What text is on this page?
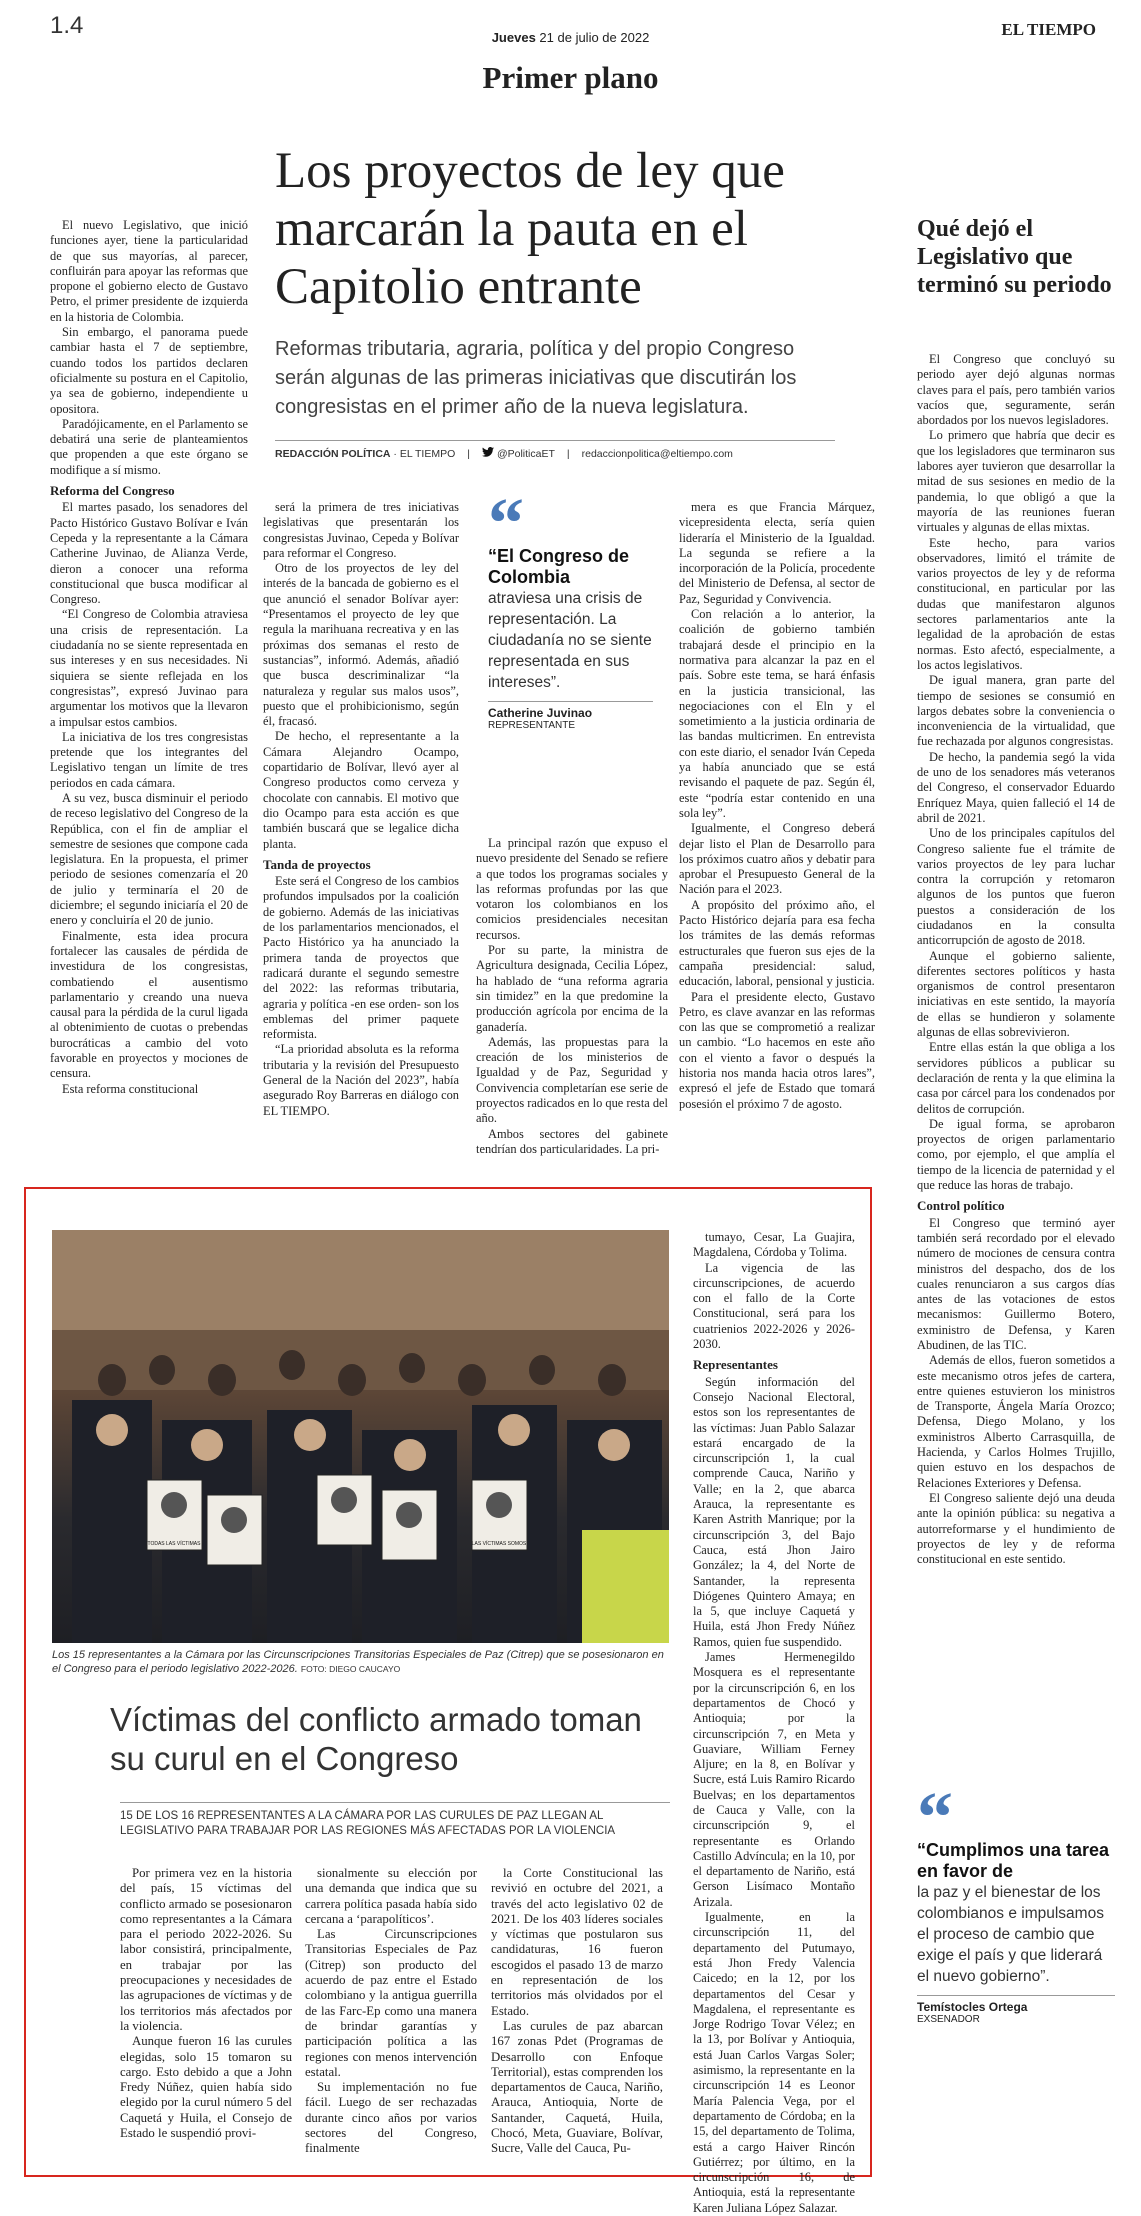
1.4	Jueves 21 de julio de 2022	EL TIEMPO
Primer plano
Los proyectos de ley que marcarán la pauta en el Capitolio entrante
Reformas tributaria, agraria, política y del propio Congreso serán algunas de las primeras iniciativas que discutirán los congresistas en el primer año de la nueva legislatura.
REDACCIÓN POLÍTICA · EL TIEMPO |	@PoliticaET | redaccionpolitica@eltiempo.com

El nuevo Legislativo, que inició funciones ayer, tiene la particularidad de que sus mayorías, al parecer, confluirán para apoyar las reformas que propone el gobierno electo de Gustavo Petro, el primer presidente de izquierda en la historia de Colombia.

Sin embargo, el panorama puede cambiar hasta el 7 de septiembre, cuando todos los partidos declaren oficialmente su postura en el Capitolio, ya sea de gobierno, independiente u opositora.

Paradójicamente, en el Parlamento se debatirá una serie de planteamientos que propenden a que este órgano se modifique a sí mismo.

Reforma del Congreso

El martes pasado, los senadores del Pacto Histórico Gustavo Bolívar e Iván Cepeda y la representante a la Cámara Catherine Juvinao, de Alianza Verde, dieron a conocer una reforma constitucional que busca modificar al Congreso.

“El Congreso de Colombia atraviesa una crisis de representación. La ciudadanía no se siente representada en sus intereses y en sus necesidades. Ni siquiera se siente reflejada en los congresistas”, expresó Juvinao para argumentar los motivos que la llevaron a impulsar estos cambios.

La iniciativa de los tres congresistas pretende que los integrantes del Legislativo tengan un límite de tres periodos en cada cámara.

A su vez, busca disminuir el periodo de receso legislativo del Congreso de la República, con el fin de ampliar el semestre de sesiones que compone cada legislatura. En la propuesta, el primer periodo de sesiones comenzaría el 20 de julio y terminaría el 20 de diciembre; el segundo iniciaría el 20 de enero y concluiría el 20 de junio.

Finalmente, esta idea procura fortalecer las causales de pérdida de investidura de los congresistas, combatiendo el ausentismo parlamentario y creando una nueva causal para la pérdida de la curul ligada al obtenimiento de cuotas o prebendas burocráticas a cambio del voto favorable en proyectos y mociones de censura.

Esta reforma constitucional

será la primera de tres iniciativas legislativas que presentarán los congresistas Juvinao, Cepeda y Bolívar para reformar el Congreso.

Otro de los proyectos de ley del interés de la bancada de gobierno es el que anunció el senador Bolívar ayer: “Presentamos el proyecto de ley que regula la marihuana recreativa y en las próximas dos semanas el resto de sustancias”, informó. Además, añadió que busca descriminalizar “la naturaleza y regular sus malos usos”, puesto que el prohibicionismo, según él, fracasó.

De hecho, el representante a la Cámara Alejandro Ocampo, copartidario de Bolívar, llevó ayer al Congreso productos como cerveza y chocolate con cannabis. El motivo que dio Ocampo para esta acción es que también buscará que se legalice dicha planta.

Tanda de proyectos

Este será el Congreso de los cambios profundos impulsados por la coalición de gobierno. Además de las iniciativas de los parlamentarios mencionados, el Pacto Histórico ya ha anunciado la primera tanda de proyectos que radicará durante el segundo semestre del 2022: las reformas tributaria, agraria y política -en ese orden- son los emblemas del primer paquete reformista.

“La prioridad absoluta es la reforma tributaria y la revisión del Presupuesto General de la Nación del 2023”, había asegurado Roy Barreras en diálogo con EL TIEMPO.

“
“El Congreso de Colombia
atraviesa una crisis de representación. La ciudadanía no se siente representada en sus intereses”.
Catherine Juvinao
REPRESENTANTE

La principal razón que expuso el nuevo presidente del Senado se refiere a que todos los programas sociales y las reformas profundas por las que votaron los colombianos en los comicios presidenciales necesitan recursos.

Por su parte, la ministra de Agricultura designada, Cecilia López, ha hablado de “una reforma agraria sin timidez” en la que predomine la producción agrícola por encima de la ganadería.

Además, las propuestas para la creación de los ministerios de Igualdad y de Paz, Seguridad y Convivencia completarían ese serie de proyectos radicados en lo que resta del año.

Ambos sectores del gabinete tendrían dos particularidades. La pri-

mera es que Francia Márquez, vicepresidenta electa, sería quien lideraría el Ministerio de la Igualdad. La segunda se refiere a la incorporación de la Policía, procedente del Ministerio de Defensa, al sector de Paz, Seguridad y Convivencia.

Con relación a lo anterior, la coalición de gobierno también trabajará desde el principio en la normativa para alcanzar la paz en el país. Sobre este tema, se hará énfasis en la justicia transicional, las negociaciones con el Eln y el sometimiento a la justicia ordinaria de las bandas multicrimen. En entrevista con este diario, el senador Iván Cepeda ya había anunciado que se está revisando el paquete de paz. Según él, este “podría estar contenido en una sola ley”.

Igualmente, el Congreso deberá dejar listo el Plan de Desarrollo para los próximos cuatro años y debatir para aprobar el Presupuesto General de la Nación para el 2023.

A propósito del próximo año, el Pacto Histórico dejaría para esa fecha los trámites de las demás reformas estructurales que fueron sus ejes de la campaña presidencial: salud, educación, laboral, pensional y justicia.

Para el presidente electo, Gustavo Petro, es clave avanzar en las reformas con las que se comprometió a realizar un cambio. “Lo hacemos en este año con el viento a favor o después la historia nos manda hacia otros lares”, expresó el jefe de Estado que tomará posesión el próximo 7 de agosto.

Qué dejó el Legislativo que terminó su periodo

El Congreso que concluyó su periodo ayer dejó algunas normas claves para el país, pero también varios vacíos que, seguramente, serán abordados por los nuevos legisladores.

Lo primero que habría que decir es que los legisladores que terminaron sus labores ayer tuvieron que desarrollar la mitad de sus sesiones en medio de la pandemia, lo que obligó a que la mayoría de las reuniones fueran virtuales y algunas de ellas mixtas.

Este hecho, para varios observadores, limitó el trámite de varios proyectos de ley y de reforma constitucional, en particular por las dudas que manifestaron algunos sectores parlamentarios ante la legalidad de la aprobación de estas normas. Esto afectó, especialmente, a los actos legislativos.

De igual manera, gran parte del tiempo de sesiones se consumió en largos debates sobre la conveniencia o inconveniencia de la virtualidad, que fue rechazada por algunos congresistas.

De hecho, la pandemia segó la vida de uno de los senadores más veteranos del Congreso, el conservador Eduardo Enríquez Maya, quien falleció el 14 de abril de 2021.

Uno de los principales capítulos del Congreso saliente fue el trámite de varios proyectos de ley para luchar contra la corrupción y retomaron algunos de los puntos que fueron puestos a consideración de los ciudadanos en la consulta anticorrupción de agosto de 2018.

Aunque el gobierno saliente, diferentes sectores políticos y hasta organismos de control presentaron iniciativas en este sentido, la mayoría de ellas se hundieron y solamente algunas de ellas sobrevivieron.

Entre ellas están la que obliga a los servidores públicos a publicar su declaración de renta y la que elimina la casa por cárcel para los condenados por delitos de corrupción.

De igual forma, se aprobaron proyectos de origen parlamentario como, por ejemplo, el que amplía el tiempo de la licencia de paternidad y el que reduce las horas de trabajo.

Control político

El Congreso que terminó ayer también será recordado por el elevado número de mociones de censura contra ministros del despacho, dos de los cuales renunciaron a sus cargos días antes de las votaciones de estos mecanismos: Guillermo Botero, exministro de Defensa, y Karen Abudinen, de las TIC.

Además de ellos, fueron sometidos a este mecanismo otros jefes de cartera, entre quienes estuvieron los ministros de Transporte, Ángela María Orozco; Defensa, Diego Molano, y los exministros Alberto Carrasquilla, de Hacienda, y Carlos Holmes Trujillo, quien estuvo en los despachos de Relaciones Exteriores y Defensa.

El Congreso saliente dejó una deuda ante la opinión pública: su negativa a autorreformarse y el hundimiento de proyectos de ley y de reforma constitucional en este sentido.

“
“Cumplimos una tarea en favor de
la paz y el bienestar de los colombianos e impulsamos el proceso de cambio que exige el país y que liderará el nuevo gobierno”.
Temístocles Ortega
EXSENADOR
TODAS LAS VÍCTIMAS	LAS VÍCTIMAS SOMOS
Los 15 representantes a la Cámara por las Circunscripciones Transitorias Especiales de Paz (Citrep) que se posesionaron en el Congreso para el periodo legislativo 2022-2026. FOTO: DIEGO CAUCAYO
Víctimas del conflicto armado toman su curul en el Congreso
15 DE LOS 16 REPRESENTANTES A LA CÁMARA POR LAS CURULES DE PAZ LLEGAN AL LEGISLATIVO PARA TRABAJAR POR LAS REGIONES MÁS AFECTADAS POR LA VIOLENCIA

Por primera vez en la historia del país, 15 víctimas del conflicto armado se posesionaron como representantes a la Cámara para el periodo 2022-2026. Su labor consistirá, principalmente, en trabajar por las preocupaciones y necesidades de las agrupaciones de víctimas y de los territorios más afectados por la violencia.

Aunque fueron 16 las curules elegidas, solo 15 tomaron su cargo. Esto debido a que a John Fredy Núñez, quien había sido elegido por la curul número 5 del Caquetá y Huila, el Consejo de Estado le suspendió provi-

sionalmente su elección por una demanda que indica que su carrera política pasada había sido cercana a ‘parapolíticos’.

Las Circunscripciones Transitorias Especiales de Paz (Citrep) son producto del acuerdo de paz entre el Estado colombiano y la antigua guerrilla de las Farc-Ep como una manera de brindar garantías y participación política a las regiones con menos intervención estatal.

Su implementación no fue fácil. Luego de ser rechazadas durante cinco años por varios sectores del Congreso, finalmente

la Corte Constitucional las revivió en octubre del 2021, a través del acto legislativo 02 de 2021. De los 403 líderes sociales y víctimas que postularon sus candidaturas, 16 fueron escogidos el pasado 13 de marzo en representación de los territorios más olvidados por el Estado.

Las curules de paz abarcan 167 zonas Pdet (Programas de Desarrollo con Enfoque Territorial), estas comprenden los departamentos de Cauca, Nariño, Arauca, Antioquia, Norte de Santander, Caquetá, Huila, Chocó, Meta, Guaviare, Bolívar, Sucre, Valle del Cauca, Pu-

tumayo, Cesar, La Guajira, Magdalena, Córdoba y Tolima.

La vigencia de las circunscripciones, de acuerdo con el fallo de la Corte Constitucional, será para los cuatrienios 2022-2026 y 2026-2030.

Representantes

Según información del Consejo Nacional Electoral, estos son los representantes de las víctimas: Juan Pablo Salazar estará encargado de la circunscripción 1, la cual comprende Cauca, Nariño y Valle; en la 2, que abarca Arauca, la representante es Karen Astrith Manrique; por la circunscripción 3, del Bajo Cauca, está Jhon Jairo González; la 4, del Norte de Santander, la representa Diógenes Quintero Amaya; en la 5, que incluye Caquetá y Huila, está Jhon Fredy Núñez Ramos, quien fue suspendido.

James Hermenegildo Mosquera es el representante por la circunscripción 6, en los departamentos de Chocó y Antioquia; por la circunscripción 7, en Meta y Guaviare, William Ferney Aljure; en la 8, en Bolívar y Sucre, está Luis Ramiro Ricardo Buelvas; en los departamentos de Cauca y Valle, con la circunscripción 9, el representante es Orlando Castillo Advíncula; en la 10, por el departamento de Nariño, está Gerson Lisímaco Montaño Arizala.

Igualmente, en la circunscripción 11, del departamento del Putumayo, está Jhon Fredy Valencia Caicedo; en la 12, por los departamentos del Cesar y Magdalena, el representante es Jorge Rodrigo Tovar Vélez; en la 13, por Bolívar y Antioquia, está Juan Carlos Vargas Soler; asimismo, la representante en la circunscripción 14 es Leonor María Palencia Vega, por el departamento de Córdoba; en la 15, del departamento de Tolima, está a cargo Haiver Rincón Gutiérrez; por último, en la circunscripción 16, de Antioquia, está la representante Karen Juliana López Salazar.
